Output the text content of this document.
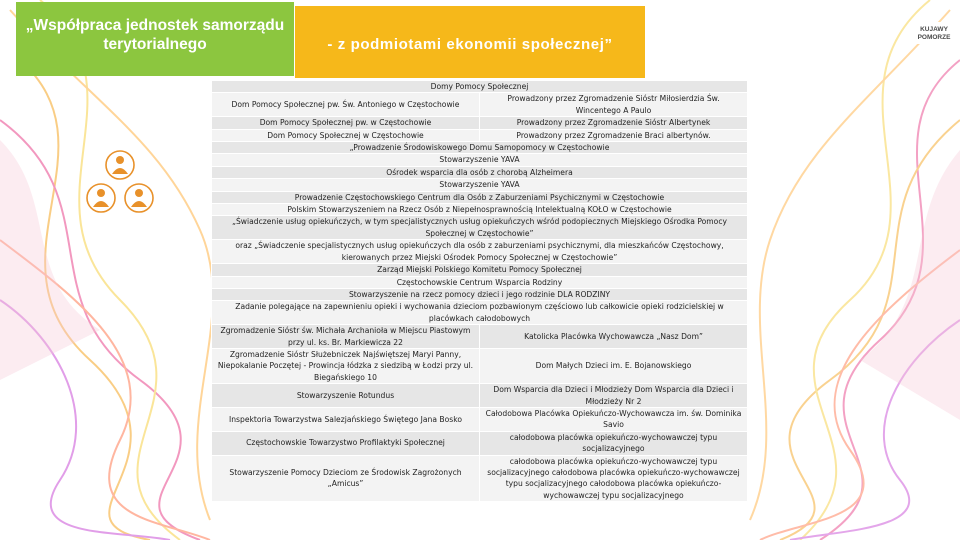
„Współpraca jednostek samorządu terytorialnego	- z podmiotami ekonomii społecznej”
KUJAWY
POMORZE
Domy Pomocy Społecznej	
Dom Pomocy Społecznej pw. Św. Antoniego w Częstochowie	Prowadzony przez Zgromadzenie Sióstr Miłosierdzia Św. Wincentego A Paulo
Dom Pomocy Społecznej pw. w Częstochowie	Prowadzony przez Zgromadzenie Sióstr Albertynek
Dom Pomocy Społecznej w Częstochowie	Prowadzony przez Zgromadzenie Braci albertynów.
„Prowadzenie Środowiskowego Domu Samopomocy w Częstochowie	
Stowarzyszenie YAVA	
Ośrodek wsparcia dla osób z chorobą Alzheimera	
Stowarzyszenie YAVA	
Prowadzenie Częstochowskiego Centrum dla Osób z Zaburzeniami Psychicznymi w Częstochowie	
Polskim Stowarzyszeniem na Rzecz Osób z Niepełnosprawnością Intelektualną KOŁO w Częstochowie	
„Świadczenie usług opiekuńczych, w tym specjalistycznych usług opiekuńczych wśród podopiecznych Miejskiego Ośrodka Pomocy Społecznej w Częstochowie”	
oraz „Świadczenie specjalistycznych usług opiekuńczych dla osób z zaburzeniami psychicznymi, dla mieszkańców Częstochowy, kierowanych przez Miejski Ośrodek Pomocy Społecznej w Częstochowie”	
Zarząd Miejski Polskiego Komitetu Pomocy Społecznej	
Częstochowskie Centrum Wsparcia Rodziny	
Stowarzyszenie na rzecz pomocy dzieci i jego rodzinie DLA RODZINY	
Zadanie polegające na zapewnieniu opieki i wychowania dzieciom pozbawionym częściowo lub całkowicie opieki rodzicielskiej w placówkach całodobowych	
Zgromadzenie Sióstr św. Michała Archanioła w Miejscu Piastowym przy ul. ks. Br. Markiewicza 22	Katolicka Placówka Wychowawcza „Nasz Dom”
Zgromadzenie Sióstr Służebniczek Najświętszej Maryi Panny, Niepokalanie Poczętej - Prowincja łódzka z siedzibą w Łodzi przy ul. Biegańskiego 10	Dom Małych Dzieci im. E. Bojanowskiego
Stowarzyszenie Rotundus	Dom Wsparcia dla Dzieci i Młodzieży Dom Wsparcia dla Dzieci i Młodzieży Nr 2
Inspektoria Towarzystwa Salezjańskiego Świętego Jana Bosko	Całodobowa Placówka Opiekuńczo-Wychowawcza im. św. Dominika Savio
Częstochowskie Towarzystwo Profilaktyki Społecznej	całodobowa placówka opiekuńczo-wychowawczej typu socjalizacyjnego
Stowarzyszenie Pomocy Dzieciom ze Środowisk Zagrożonych „Amicus”	całodobowa placówka opiekuńczo-wychowawczej typu socjalizacyjnego całodobowa placówka opiekuńczo-wychowawczej typu socjalizacyjnego całodobowa placówka opiekuńczo-wychowawczej typu socjalizacyjnego
